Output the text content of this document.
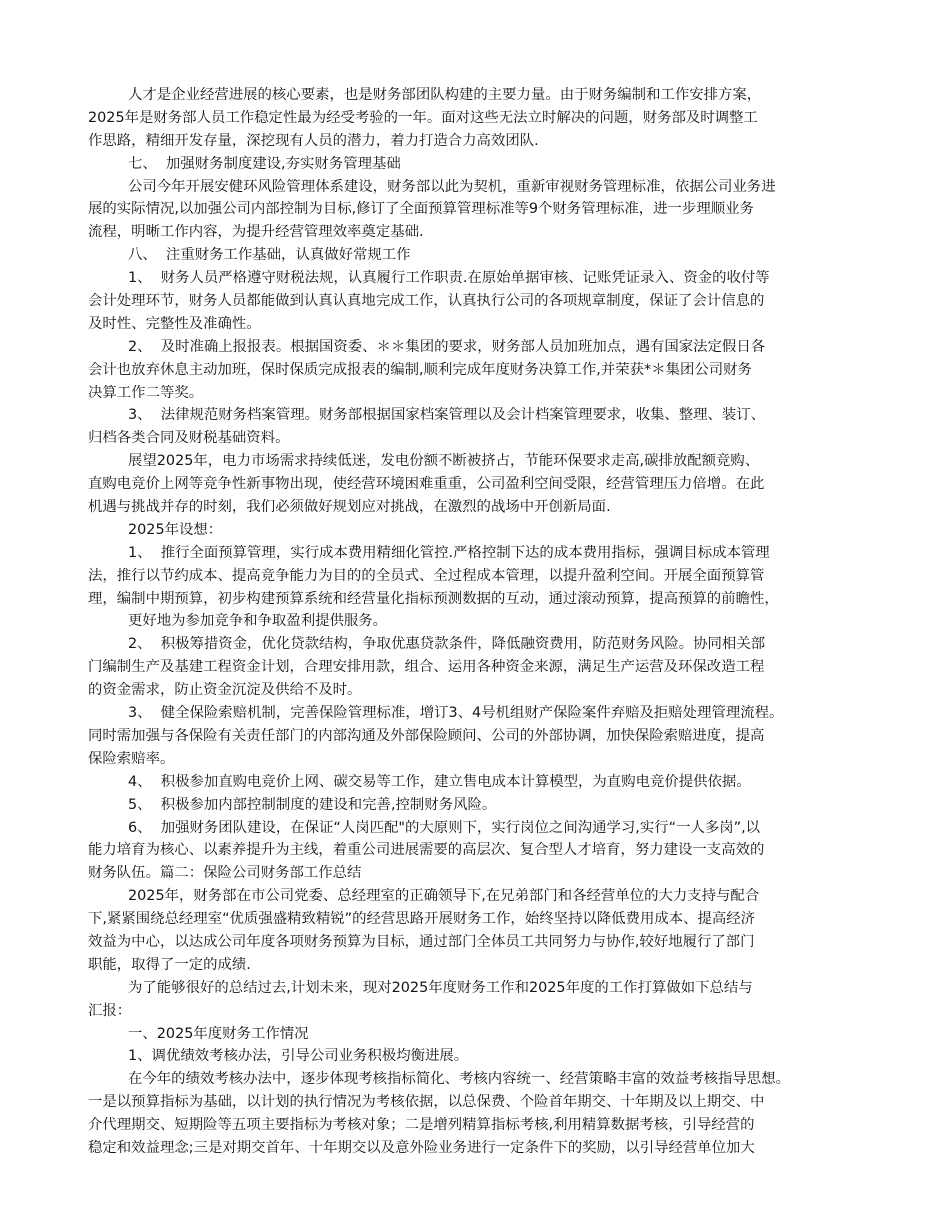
人才是企业经营进展的核心要素，也是财务部团队构建的主要力量。由于财务编制和工作安排方案，
2025年是财务部人员工作稳定性最为经受考验的一年。面对这些无法立时解决的问题，财务部及时调整工
作思路，精细开发存量，深挖现有人员的潜力，着力打造合力高效团队.
七、  加强财务制度建设,夯实财务管理基础
公司今年开展安健环风险管理体系建设，财务部以此为契机，重新审视财务管理标准，依据公司业务进
展的实际情况,以加强公司内部控制为目标,修订了全面预算管理标准等9个财务管理标准，进一步理顺业务
流程，明晰工作内容，为提升经营管理效率奠定基础.
八、  注重财务工作基础，认真做好常规工作
1、  财务人员严格遵守财税法规，认真履行工作职责.在原始单据审核、记账凭证录入、资金的收付等
会计处理环节，财务人员都能做到认真认真地完成工作，认真执行公司的各项规章制度，保证了会计信息的
及时性、完整性及准确性。
2、  及时准确上报报表。根据国资委、＊＊集团的要求，财务部人员加班加点，遇有国家法定假日各
会计也放弃休息主动加班，保时保质完成报表的编制,顺利完成年度财务决算工作,并荣获*＊集团公司财务
决算工作二等奖。
3、  法律规范财务档案管理。财务部根据国家档案管理以及会计档案管理要求，收集、整理、装订、
归档各类合同及财税基础资料。
展望2025年，电力市场需求持续低迷，发电份额不断被挤占，节能环保要求走高,碳排放配额竞购、
直购电竞价上网等竞争性新事物出现，使经营环境困难重重，公司盈利空间受限，经营管理压力倍增。在此
机遇与挑战并存的时刻，我们必须做好规划应对挑战，在激烈的战场中开创新局面.
2025年设想：
1、  推行全面预算管理，实行成本费用精细化管控.严格控制下达的成本费用指标，强调目标成本管理
法，推行以节约成本、提高竞争能力为目的的全员式、全过程成本管理，以提升盈利空间。开展全面预算管
理，编制中期预算，初步构建预算系统和经营量化指标预测数据的互动，通过滚动预算，提高预算的前瞻性，
更好地为参加竞争和争取盈利提供服务。
2、  积极筹措资金，优化贷款结构，争取优惠贷款条件，降低融资费用，防范财务风险。协同相关部
门编制生产及基建工程资金计划，合理安排用款，组合、运用各种资金来源，满足生产运营及环保改造工程
的资金需求，防止资金沉淀及供给不及时。
3、  健全保险索赔机制，完善保险管理标准，增订3、4号机组财产保险案件弃赔及拒赔处理管理流程。
同时需加强与各保险有关责任部门的内部沟通及外部保险顾问、公司的外部协调，加快保险索赔进度，提高
保险索赔率。
4、  积极参加直购电竞价上网、碳交易等工作，建立售电成本计算模型，为直购电竞价提供依据。
5、  积极参加内部控制制度的建设和完善,控制财务风险。
6、  加强财务团队建设，在保证“人岗匹配"的大原则下，实行岗位之间沟通学习,实行“一人多岗”,以
能力培育为核心、以素养提升为主线，着重公司进展需要的高层次、复合型人才培育，努力建设一支高效的
财务队伍。篇二：保险公司财务部工作总结
2025年，财务部在市公司党委、总经理室的正确领导下,在兄弟部门和各经营单位的大力支持与配合
下,紧紧围绕总经理室“优质强盛精致精锐”的经营思路开展财务工作，始终坚持以降低费用成本、提高经济
效益为中心，以达成公司年度各项财务预算为目标，通过部门全体员工共同努力与协作,较好地履行了部门
职能，取得了一定的成绩.
为了能够很好的总结过去,计划未来，现对2025年度财务工作和2025年度的工作打算做如下总结与
汇报：
一、2025年度财务工作情况
1、调优绩效考核办法，引导公司业务积极均衡进展。
在今年的绩效考核办法中，逐步体现考核指标简化、考核内容统一、经营策略丰富的效益考核指导思想。
一是以预算指标为基础，以计划的执行情况为考核依据，以总保费、个险首年期交、十年期及以上期交、中
介代理期交、短期险等五项主要指标为考核对象；二是增列精算指标考核,利用精算数据考核，引导经营的
稳定和效益理念;三是对期交首年、十年期交以及意外险业务进行一定条件下的奖励，以引导经营单位加大
